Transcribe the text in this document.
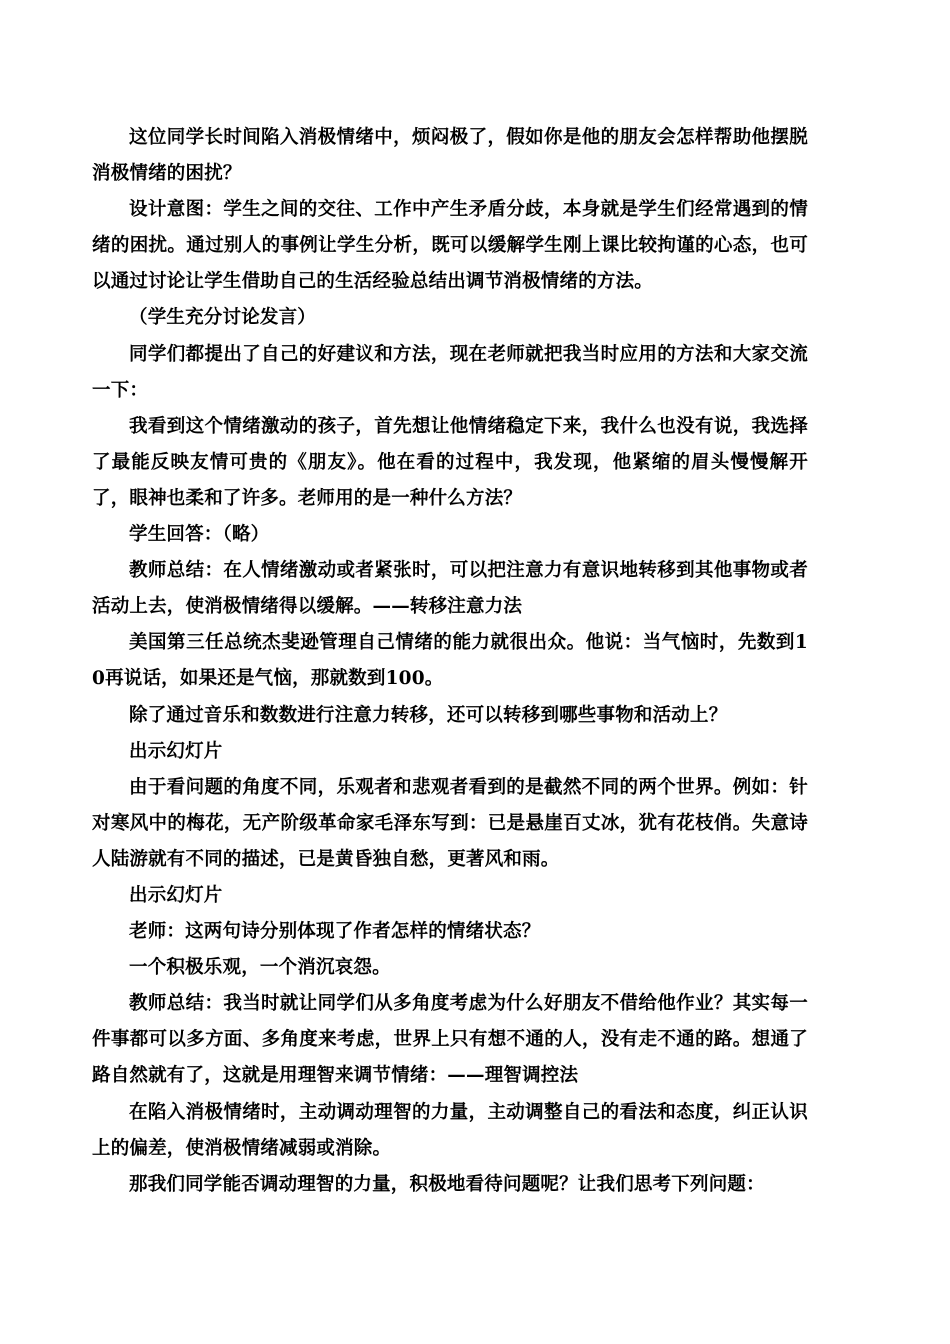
这位同学长时间陷入消极情绪中，烦闷极了，假如你是他的朋友会怎样帮助他摆脱消极情绪的困扰？

设计意图：学生之间的交往、工作中产生矛盾分歧，本身就是学生们经常遇到的情绪的困扰。通过别人的事例让学生分析，既可以缓解学生刚上课比较拘谨的心态，也可以通过讨论让学生借助自己的生活经验总结出调节消极情绪的方法。

（学生充分讨论发言）

同学们都提出了自己的好建议和方法，现在老师就把我当时应用的方法和大家交流一下：

我看到这个情绪激动的孩子，首先想让他情绪稳定下来，我什么也没有说，我选择了最能反映友情可贵的《朋友》。他在看的过程中，我发现，他紧缩的眉头慢慢解开了，眼神也柔和了许多。老师用的是一种什么方法？

学生回答：（略）

教师总结：在人情绪激动或者紧张时，可以把注意力有意识地转移到其他事物或者活动上去，使消极情绪得以缓解。——转移注意力法

美国第三任总统杰斐逊管理自己情绪的能力就很出众。他说：当气恼时，先数到10再说话，如果还是气恼，那就数到100。

除了通过音乐和数数进行注意力转移，还可以转移到哪些事物和活动上？

出示幻灯片

由于看问题的角度不同，乐观者和悲观者看到的是截然不同的两个世界。例如：针对寒风中的梅花，无产阶级革命家毛泽东写到：已是悬崖百丈冰，犹有花枝俏。失意诗人陆游就有不同的描述，已是黄昏独自愁，更著风和雨。

出示幻灯片

老师：这两句诗分别体现了作者怎样的情绪状态？

一个积极乐观，一个消沉哀怨。

教师总结：我当时就让同学们从多角度考虑为什么好朋友不借给他作业？其实每一件事都可以多方面、多角度来考虑，世界上只有想不通的人，没有走不通的路。想通了路自然就有了，这就是用理智来调节情绪：——理智调控法

在陷入消极情绪时，主动调动理智的力量，主动调整自己的看法和态度，纠正认识上的偏差，使消极情绪减弱或消除。

那我们同学能否调动理智的力量，积极地看待问题呢？让我们思考下列问题：
